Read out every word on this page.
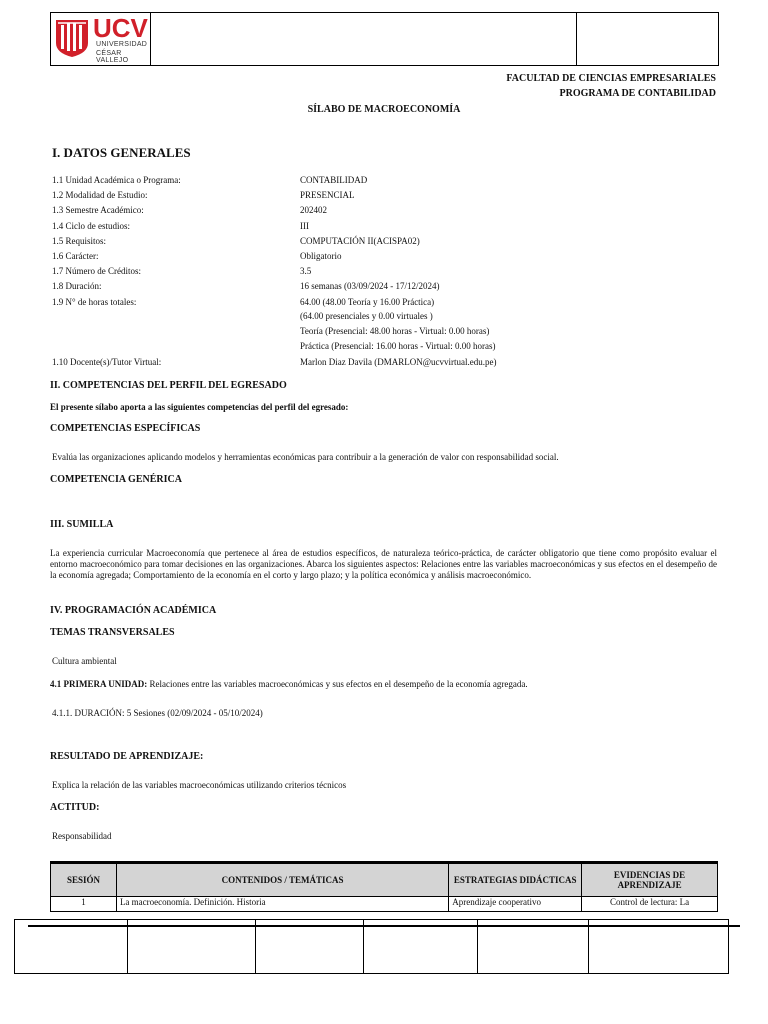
UCV
UNIVERSIDAD
CÉSAR VALLEJO
FACULTAD DE CIENCIAS EMPRESARIALES
PROGRAMA DE CONTABILIDAD
SÍLABO DE MACROECONOMÍA
I. DATOS GENERALES
1.1 Unidad Académica o Programa:	CONTABILIDAD
1.2 Modalidad de Estudio:	PRESENCIAL
1.3 Semestre Académico:	202402
1.4 Ciclo de estudios:	III
1.5 Requisitos:	COMPUTACIÓN II(ACISPA02)
1.6 Carácter:	Obligatorio
1.7 Número de Créditos:	3.5
1.8 Duración:	16 semanas (03/09/2024 - 17/12/2024)
1.9 N° de horas totales:	64.00 (48.00 Teoría y 16.00 Práctica)
(64.00 presenciales y 0.00 virtuales )
Teoría (Presencial: 48.00 horas - Virtual: 0.00 horas)
Práctica (Presencial: 16.00 horas - Virtual: 0.00 horas)
1.10 Docente(s)/Tutor Virtual:	Marlon Diaz Davila (DMARLON@ucvvirtual.edu.pe)
II. COMPETENCIAS DEL PERFIL DEL EGRESADO
El presente sílabo aporta a las siguientes competencias del perfil del egresado:
COMPETENCIAS ESPECÍFICAS
Evalúa las organizaciones aplicando modelos y herramientas económicas para contribuir a la generación de valor con responsabilidad social.
COMPETENCIA GENÉRICA
III. SUMILLA
La experiencia curricular Macroeconomía que pertenece al área de estudios específicos, de naturaleza teórico-práctica, de carácter obligatorio que tiene como propósito evaluar el entorno macroeconómico para tomar decisiones en las organizaciones. Abarca los siguientes aspectos: Relaciones entre las variables macroeconómicas y sus efectos en el desempeño de la economía agregada; Comportamiento de la economía en el corto y largo plazo; y la política económica y análisis macroeconómico.
IV. PROGRAMACIÓN ACADÉMICA
TEMAS TRANSVERSALES
Cultura ambiental
4.1 PRIMERA UNIDAD: Relaciones entre las variables macroeconómicas y sus efectos en el desempeño de la economía agregada.
4.1.1. DURACIÓN: 5 Sesiones (02/09/2024 - 05/10/2024)
RESULTADO DE APRENDIZAJE:
Explica la relación de las variables macroeconómicas utilizando criterios técnicos
ACTITUD:
Responsabilidad
SESIÓN	CONTENIDOS / TEMÁTICAS	ESTRATEGIAS DIDÁCTICAS	EVIDENCIAS DE APRENDIZAJE
1	La macroeconomía. Definición. Historia	Aprendizaje cooperativo	Control de lectura: La
